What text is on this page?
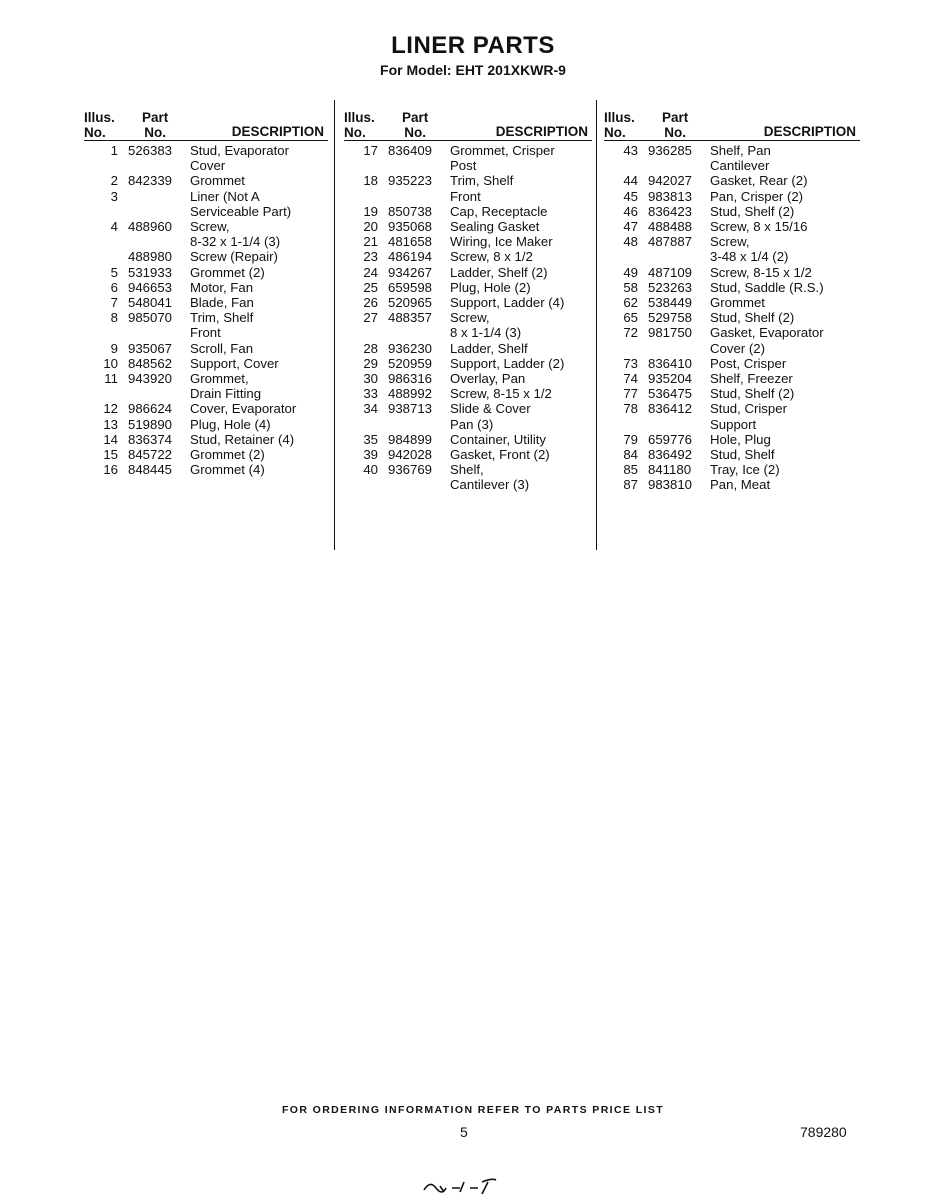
LINER PARTS
For Model: EHT 201XKWR-9
Illus.
No.
Part
No.	DESCRIPTION
1 526383	Stud, Evaporator
Cover
2 842339	Grommet
3	Liner (Not A
Serviceable Part)
4 488960	Screw,
8-32 x 1-1/4 (3)
488980	Screw (Repair)
5 531933	Grommet (2)
6 946653	Motor, Fan
7 548041	Blade, Fan
8 985070	Trim, Shelf
Front
9 935067	Scroll, Fan
10 848562	Support, Cover
11 943920	Grommet,
Drain Fitting
12 986624	Cover, Evaporator
13 519890	Plug, Hole (4)
14 836374	Stud, Retainer (4)
15 845722	Grommet (2)
16 848445	Grommet (4)
Illus.
No.
Part
No.	DESCRIPTION
17 836409	Grommet, Crisper
Post
18 935223	Trim, Shelf
Front
19 850738	Cap, Receptacle
20 935068	Sealing Gasket
21 481658	Wiring, Ice Maker
23 486194	Screw, 8 x 1/2
24 934267	Ladder, Shelf (2)
25 659598	Plug, Hole (2)
26 520965	Support, Ladder (4)
27 488357	Screw,
8 x 1-1/4 (3)
28 936230	Ladder, Shelf
29 520959	Support, Ladder (2)
30 986316	Overlay, Pan
33 488992	Screw, 8-15 x 1/2
34 938713	Slide & Cover
Pan (3)
35 984899	Container, Utility
39 942028	Gasket, Front (2)
40 936769	Shelf,
Cantilever (3)
Illus.
No.
Part
No.	DESCRIPTION
43 936285	Shelf, Pan
Cantilever
44 942027	Gasket, Rear (2)
45 983813	Pan, Crisper (2)
46 836423	Stud, Shelf (2)
47 488488	Screw, 8 x 15/16
48 487887	Screw,
3-48 x 1/4 (2)
49 487109	Screw, 8-15 x 1/2
58 523263	Stud, Saddle (R.S.)
62 538449	Grommet
65 529758	Stud, Shelf (2)
72 981750	Gasket, Evaporator
Cover (2)
73 836410	Post, Crisper
74 935204	Shelf, Freezer
77 536475	Stud, Shelf (2)
78 836412	Stud, Crisper
Support
79 659776	Hole, Plug
84 836492	Stud, Shelf
85 841180	Tray, Ice (2)
87 983810	Pan, Meat
FOR ORDERING INFORMATION REFER TO PARTS PRICE LIST
5	789280
